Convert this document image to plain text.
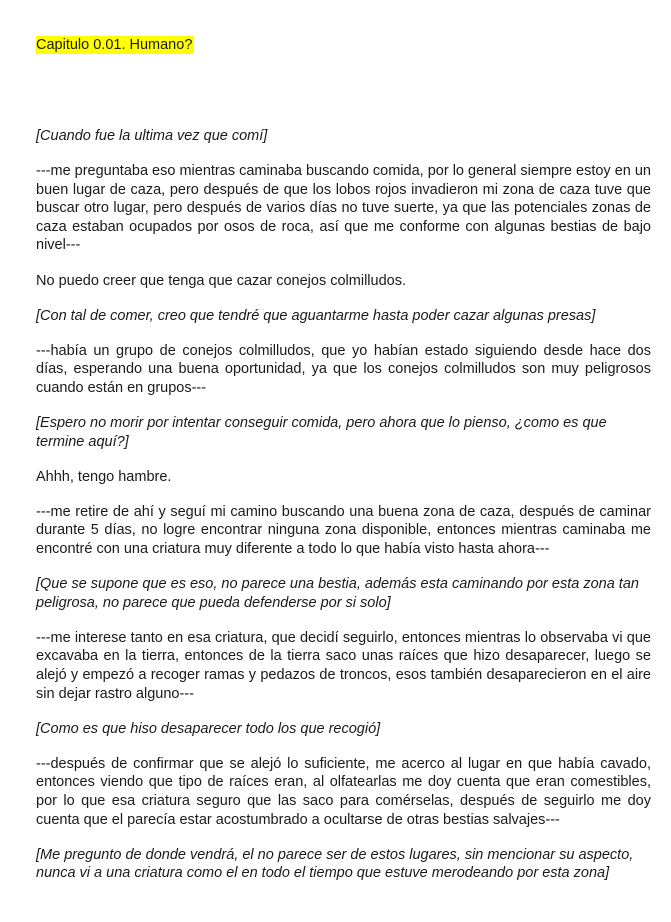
Capitulo 0.01. Humano?

[Cuando fue la ultima vez que comí]

---me preguntaba eso mientras caminaba buscando comida, por lo general siempre estoy en un buen lugar de caza, pero después de que los lobos rojos invadieron mi zona de caza tuve que buscar otro lugar, pero después de varios días no tuve suerte, ya que las potenciales zonas de caza estaban ocupados por osos de roca, así que me conforme con algunas bestias de bajo nivel---

No puedo creer que tenga que cazar conejos colmilludos.

[Con tal de comer, creo que tendré que aguantarme hasta poder cazar algunas presas]

---había un grupo de conejos colmilludos, que yo habían estado siguiendo desde hace dos días, esperando una buena oportunidad, ya que los conejos colmilludos son muy peligrosos cuando están en grupos---

[Espero no morir por intentar conseguir comida, pero ahora que lo pienso, ¿como es que termine aquí?]

Ahhh, tengo hambre.

---me retire de ahí y seguí mi camino buscando una buena zona de caza, después de caminar durante 5 días, no logre encontrar ninguna zona disponible, entonces mientras caminaba me encontré con una criatura muy diferente a todo lo que había visto hasta ahora---

[Que se supone que es eso, no parece una bestia, además esta caminando por esta zona tan peligrosa, no parece que pueda defenderse por si solo]

---me interese tanto en esa criatura, que decidí seguirlo, entonces mientras lo observaba vi que excavaba en la tierra, entonces de la tierra saco unas raíces que hizo desaparecer, luego se alejó y empezó a recoger ramas y pedazos de troncos, esos también desaparecieron en el aire sin dejar rastro alguno---

[Como es que hiso desaparecer todo los que recogió]

---después de confirmar que se alejó lo suficiente, me acerco al lugar en que había cavado, entonces viendo que tipo de raíces eran, al olfatearlas me doy cuenta que eran comestibles, por lo que esa criatura seguro que las saco para comérselas, después de seguirlo me doy cuenta que el parecía estar acostumbrado a ocultarse de otras bestias salvajes---

[Me pregunto de donde vendrá, el no parece ser de estos lugares, sin mencionar su aspecto, nunca vi a una criatura como el en todo el tiempo que estuve merodeando por esta zona]
